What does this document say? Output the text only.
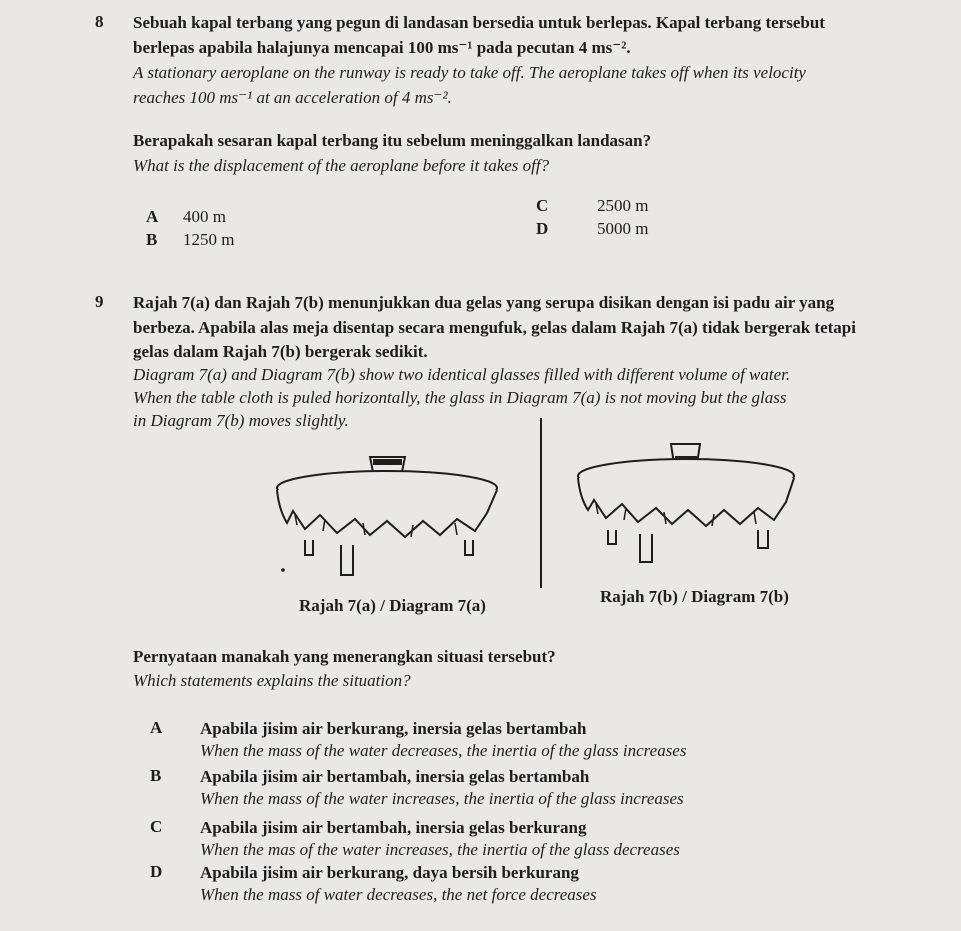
8 Sebuah kapal terbang yang pegun di landasan bersedia untuk berlepas. Kapal terbang tersebut
berlepas apabila halajunya mencapai 100 ms⁻¹ pada pecutan 4 ms⁻².
A stationary aeroplane on the runway is ready to take off. The aeroplane takes off when its velocity
reaches 100 ms⁻¹ at an acceleration of 4 ms⁻².
Berapakah sesaran kapal terbang itu sebelum meninggalkan landasan?
What is the displacement of the aeroplane before it takes off?
A 400 m
B 1250 m
C	2500 m
D	5000 m
9 Rajah 7(a) dan Rajah 7(b) menunjukkan dua gelas yang serupa disikan dengan isi padu air yang
berbeza. Apabila alas meja disentap secara mengufuk, gelas dalam Rajah 7(a) tidak bergerak tetapi
gelas dalam Rajah 7(b) bergerak sedikit.
Diagram 7(a) and Diagram 7(b) show two identical glasses filled with different volume of water.
When the table cloth is puled horizontally, the glass in Diagram 7(a) is not moving but the glass
in Diagram 7(b) moves slightly.
Rajah 7(a) / Diagram 7(a)	Rajah 7(b) / Diagram 7(b)
Pernyataan manakah yang menerangkan situasi tersebut?
Which statements explains the situation?
A Apabila jisim air berkurang, inersia gelas bertambah
When the mass of the water decreases, the inertia of the glass increases
B Apabila jisim air bertambah, inersia gelas bertambah
When the mass of the water increases, the inertia of the glass increases
C Apabila jisim air bertambah, inersia gelas berkurang
When the mas of the water increases, the inertia of the glass decreases
D Apabila jisim air berkurang, daya bersih berkurang
When the mass of water decreases, the net force decreases
